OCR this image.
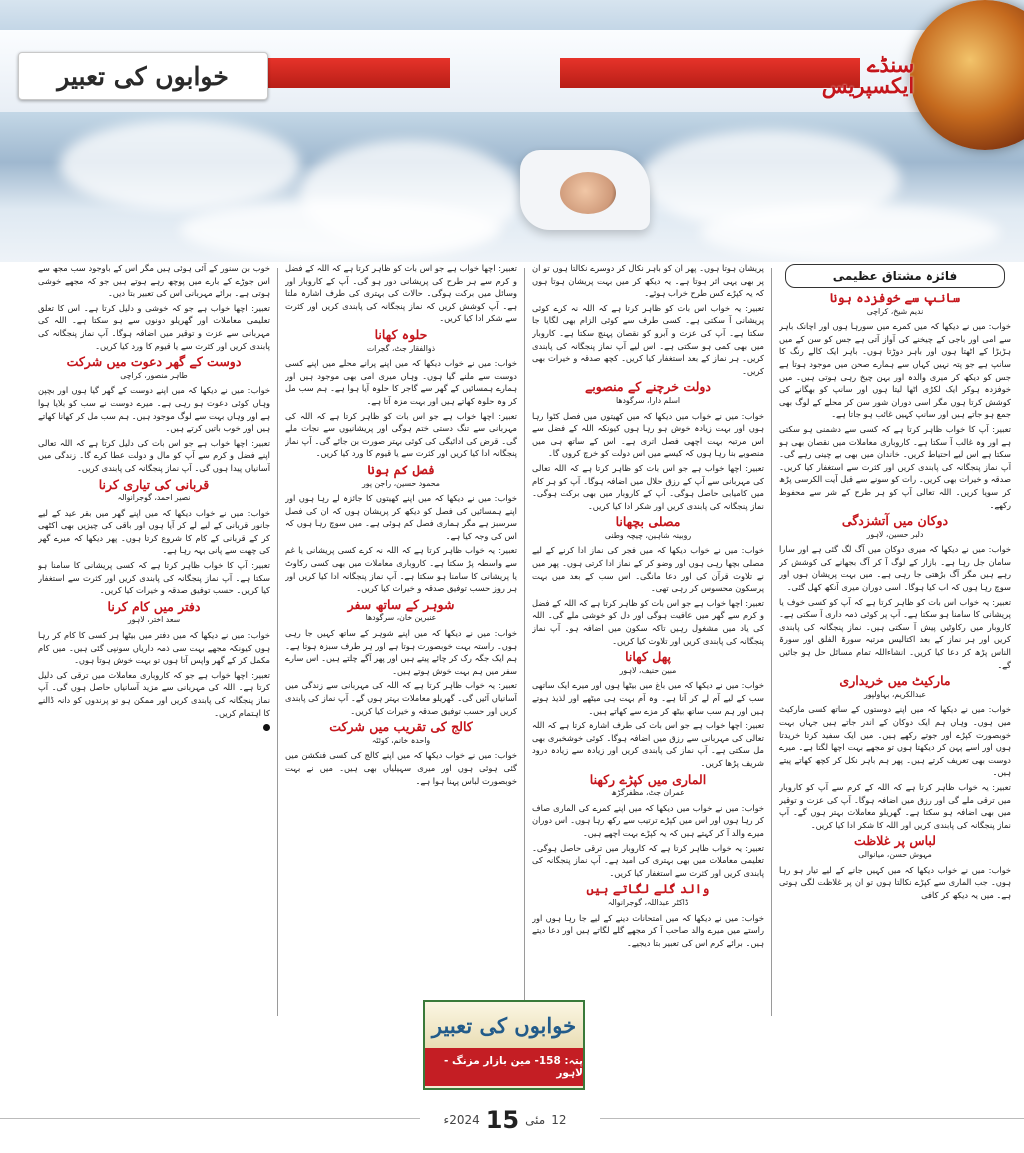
سنڈے ایکسپریس
خوابوں کی تعبیر
فائزہ مشتاق عظیمی
سانپ سے خوفزدہ ہونا
ندیم شیخ، کراچی

خواب: میں نے دیکھا کہ میں کمرے میں سورہا ہوں اور اچانک باہر سے امی اور باجی کے چیخنے کی آواز آتی ہے جس کو سن کے میں ہڑبڑا کے اٹھتا ہوں اور باہر دوڑتا ہوں۔ باہر ایک کالے رنگ کا سانپ ہے جو پتہ نہیں کہاں سے ہمارے صحن میں موجود ہوتا ہے جس کو دیکھ کر میری والدہ اور بہن چیخ رہی ہوتی ہیں۔ میں خوفزدہ ہوکر ایک لکڑی اٹھا لیتا ہوں اور سانپ کو بھگانے کی کوشش کرتا ہوں مگر اسی دوران شور سن کر محلے کے لوگ بھی جمع ہو جاتے ہیں اور سانپ کہیں غائب ہو جاتا ہے۔

تعبیر: آپ کا خواب ظاہر کرتا ہے کہ کسی سے دشمنی ہو سکتی ہے اور وہ غالب آ سکتا ہے۔ کاروباری معاملات میں نقصان بھی ہو سکتا ہے اس لیے احتیاط کریں۔ خاندان میں بھی بے چینی رہے گی۔ آپ نماز پنجگانہ کی پابندی کریں اور کثرت سے استغفار کیا کریں۔ صدقہ و خیرات بھی کریں۔ رات کو سونے سے قبل آیت الکرسی پڑھ کر سویا کریں۔ اللہ تعالی آپ کو ہر طرح کے شر سے محفوظ رکھے۔

دوکان میں آتشزدگی
دلبر حسین، لاہور

خواب: میں نے دیکھا کہ میری دوکان میں آگ لگ گئی ہے اور سارا سامان جل رہا ہے۔ بازار کے لوگ آ کر آگ بجھانے کی کوشش کر رہے ہیں مگر آگ بڑھتی جا رہی ہے۔ میں بہت پریشان ہوں اور سوچ رہا ہوں کہ اب کیا ہوگا۔ اسی دوران میری آنکھ کھل گئی۔

تعبیر: یہ خواب اس بات کو ظاہر کرتا ہے کہ آپ کو کسی خوف یا پریشانی کا سامنا ہو سکتا ہے۔ آپ پر کوئی ذمہ داری آ سکتی ہے۔ کاروبار میں رکاوٹیں پیش آ سکتی ہیں۔ نماز پنجگانہ کی پابندی کریں اور ہر نماز کے بعد اکتالیس مرتبہ سورۃ الفلق اور سورۃ الناس پڑھ کر دعا کیا کریں۔ انشاءاللہ تمام مسائل حل ہو جائیں گے۔

مارکیٹ میں خریداری
عبدالکریم، بہاولپور

خواب: میں نے دیکھا کہ میں اپنے دوستوں کے ساتھ کسی مارکیٹ میں ہوں۔ وہاں ہم ایک دوکان کے اندر جاتے ہیں جہاں بہت خوبصورت کپڑے اور جوتے رکھے ہیں۔ میں ایک سفید کرتا خریدتا ہوں اور اسے پہن کر دیکھتا ہوں تو مجھے بہت اچھا لگتا ہے۔ میرے دوست بھی تعریف کرتے ہیں۔ پھر ہم باہر نکل کر کچھ کھاتے پیتے ہیں۔

تعبیر: یہ خواب ظاہر کرتا ہے کہ اللہ کے کرم سے آپ کو کاروبار میں ترقی ملے گی اور رزق میں اضافہ ہوگا۔ آپ کی عزت و توقیر میں بھی اضافہ ہو سکتا ہے۔ گھریلو معاملات بہتر ہوں گے۔ آپ نماز پنجگانہ کی پابندی کریں اور اللہ کا شکر ادا کیا کریں۔

لباس پر غلاظت
مہوش حسن، میانوالی

خواب: میں نے خواب دیکھا کہ میں کہیں جانے کے لیے تیار ہو رہا ہوں۔ جب الماری سے کپڑے نکالتا ہوں تو ان پر غلاظت لگی ہوتی ہے۔ میں یہ دیکھ کر کافی

پریشان ہوتا ہوں۔ پھر ان کو باہر نکال کر دوسرے نکالتا ہوں تو ان پر بھی یہی اثر ہوتا ہے۔ یہ دیکھ کر میں بہت پریشان ہوتا ہوں کہ یہ کپڑے کس طرح خراب ہوئے۔

تعبیر: یہ خواب اس بات کو ظاہر کرتا ہے کہ اللہ نہ کرے کوئی پریشانی آ سکتی ہے۔ کسی طرف سے کوئی الزام بھی لگایا جا سکتا ہے۔ آپ کی عزت و آبرو کو نقصان پہنچ سکتا ہے۔ کاروبار میں بھی کمی ہو سکتی ہے۔ اس لیے آپ نماز پنجگانہ کی پابندی کریں۔ ہر نماز کے بعد استغفار کیا کریں۔ کچھ صدقہ و خیرات بھی کریں۔

دولت خرچنے کے منصوبے
اسلم دارا، سرگودھا

خواب: میں نے خواب میں دیکھا کہ میں کھیتوں میں فصل کٹوا رہا ہوں اور بہت زیادہ خوش ہو رہا ہوں کیونکہ اللہ کے فضل سے اس مرتبہ بہت اچھی فصل اتری ہے۔ اس کے ساتھ ہی میں منصوبے بنا رہا ہوں کہ کیسے میں اس دولت کو خرچ کروں گا۔

تعبیر: اچھا خواب ہے جو اس بات کو ظاہر کرتا ہے کہ اللہ تعالی کی مہربانی سے آپ کے رزق حلال میں اضافہ ہوگا۔ آپ کو ہر کام میں کامیابی حاصل ہوگی۔ آپ کے کاروبار میں بھی برکت ہوگی۔ نماز پنجگانہ کی پابندی کریں اور شکر ادا کیا کریں۔

مصلی بچھانا
روبینہ شاہین، چیچہ وطنی

خواب: میں نے خواب دیکھا کہ میں فجر کی نماز ادا کرنے کے لیے مصلی بچھا رہی ہوں اور وضو کر کے نماز ادا کرتی ہوں۔ پھر میں نے تلاوت قرآن کی اور دعا مانگی۔ اس سب کے بعد میں بہت پرسکون محسوس کر رہی تھی۔

تعبیر: اچھا خواب ہے جو اس بات کو ظاہر کرتا ہے کہ اللہ کے فضل و کرم سے گھر میں عافیت ہوگی اور دل کو خوشی ملے گی۔ اللہ کی یاد میں مشغول رہیں تاکہ سکون میں اضافہ ہو۔ آپ نماز پنجگانہ کی پابندی کریں اور تلاوت کیا کریں۔

پھل کھانا
مبین حنیف، لاہور

خواب: میں نے دیکھا کہ میں باغ میں بیٹھا ہوں اور میرے ایک ساتھی سب کے لیے آم لے کر آتا ہے۔ وہ آم بہت ہی میٹھے اور لذیذ ہوتے ہیں اور ہم سب ساتھ بیٹھ کر مزے سے کھاتے ہیں۔

تعبیر: اچھا خواب ہے جو اس بات کی طرف اشارہ کرتا ہے کہ اللہ تعالی کی مہربانی سے رزق میں اضافہ ہوگا۔ کوئی خوشخبری بھی مل سکتی ہے۔ آپ نماز کی پابندی کریں اور زیادہ سے زیادہ درود شریف پڑھا کریں۔

الماری میں کپڑے رکھنا
عمران جٹ، مظفرگڑھ

خواب: میں نے خواب میں دیکھا کہ میں اپنے کمرے کی الماری صاف کر رہا ہوں اور اس میں کپڑے ترتیب سے رکھ رہا ہوں۔ اس دوران میرے والد آ کر کہتے ہیں کہ یہ کپڑے بہت اچھے ہیں۔

تعبیر: یہ خواب ظاہر کرتا ہے کہ کاروبار میں ترقی حاصل ہوگی۔ تعلیمی معاملات میں بھی بہتری کی امید ہے۔ آپ نماز پنجگانہ کی پابندی کریں اور کثرت سے استغفار کیا کریں۔

والد گلے لگاتے ہیں
ڈاکٹر عبداللہ، گوجرانوالہ

خواب: میں نے دیکھا کہ میں امتحانات دینے کے لیے جا رہا ہوں اور راستے میں میرے والد صاحب آ کر مجھے گلے لگاتے ہیں اور دعا دیتے ہیں۔ برائے کرم اس کی تعبیر بتا دیجیے۔

تعبیر: اچھا خواب ہے جو اس بات کو ظاہر کرتا ہے کہ اللہ کے فضل و کرم سے ہر طرح کی پریشانی دور ہو گی۔ آپ کے کاروبار اور وسائل میں برکت ہوگی۔ حالات کی بہتری کی طرف اشارہ ملتا ہے۔ آپ کوشش کریں کہ نماز پنجگانہ کی پابندی کریں اور کثرت سے شکر ادا کیا کریں۔

حلوہ کھانا
ذوالفقار جٹ، گجرات

خواب: میں نے خواب دیکھا کہ میں اپنے پرانے محلے میں اپنے کسی دوست سے ملنے گیا ہوں۔ وہاں میری امی بھی موجود ہیں اور ہمارے ہمسائیں کے گھر سے گاجر کا حلوہ آیا ہوا ہے۔ ہم سب مل کر وہ حلوہ کھاتے ہیں اور بہت مزہ آتا ہے۔

تعبیر: اچھا خواب ہے جو اس بات کو ظاہر کرتا ہے کہ اللہ کی مہربانی سے تنگ دستی ختم ہوگی اور پریشانیوں سے نجات ملے گی۔ قرض کی ادائیگی کی کوئی بہتر صورت بن جائے گی۔ آپ نماز پنجگانہ ادا کیا کریں اور کثرت سے یا قیوم کا ورد کیا کریں۔

فصل کم ہونا
محمود حسین، راجن پور

خواب: میں نے دیکھا کہ میں اپنے کھیتوں کا جائزہ لے رہا ہوں اور اپنے ہمسائیں کی فصل کو دیکھ کر پریشان ہوں کہ ان کی فصل سرسبز ہے مگر ہماری فصل کم ہوئی ہے۔ میں سوچ رہا ہوں کہ اس کی وجہ کیا ہے۔

تعبیر: یہ خواب ظاہر کرتا ہے کہ اللہ نہ کرے کسی پریشانی یا غم سے واسطہ پڑ سکتا ہے۔ کاروباری معاملات میں بھی کسی رکاوٹ یا پریشانی کا سامنا ہو سکتا ہے۔ آپ نماز پنجگانہ ادا کیا کریں اور ہر روز حسب توفیق صدقہ و خیرات کیا کریں۔

شوہر کے ساتھ سفر
عنبرین خان، سرگودھا

خواب: میں نے دیکھا کہ میں اپنے شوہر کے ساتھ کہیں جا رہی ہوں۔ راستہ بہت خوبصورت ہوتا ہے اور ہر طرف سبزہ ہوتا ہے۔ ہم ایک جگہ رک کر چائے پیتے ہیں اور پھر آگے چلتے ہیں۔ اس سارے سفر میں ہم بہت خوش ہوتے ہیں۔

تعبیر: یہ خواب ظاہر کرتا ہے کہ اللہ کی مہربانی سے زندگی میں آسانیاں آئیں گی۔ گھریلو معاملات بہتر ہوں گے۔ آپ نماز کی پابندی کریں اور حسب توفیق صدقہ و خیرات کیا کریں۔

کالج کی تقریب میں شرکت
واحدہ خانم، کوئٹہ

خواب: میں نے خواب دیکھا کہ میں اپنے کالج کی کسی فنکشن میں گئی ہوئی ہوں اور میری سہیلیاں بھی ہیں۔ میں نے بہت خوبصورت لباس پہنا ہوا ہے۔

خوب بن سنور کے آئی ہوئی ہیں مگر اس کے باوجود سب مجھ سے اس جوڑے کے بارے میں پوچھ رہے ہوتے ہیں جو کہ مجھے خوشی ہوتی ہے۔ برائے مہربانی اس کی تعبیر بتا دیں۔

تعبیر: اچھا خواب ہے جو کہ خوشی و دلیل کرتا ہے۔ اس کا تعلق تعلیمی معاملات اور گھریلو دونوں سے ہو سکتا ہے۔ اللہ کی مہربانی سے عزت و توقیر میں اضافہ ہوگا۔ آپ نماز پنجگانہ کی پابندی کریں اور کثرت سے یا قیوم کا ورد کیا کریں۔

دوست کے گھر دعوت میں شرکت
طاہر منصور، کراچی

خواب: میں نے دیکھا کہ میں اپنے دوست کے گھر گیا ہوں اور بچپن وہاں کوئی دعوت ہو رہی ہے۔ میرے دوست نے سب کو بلایا ہوا ہے اور وہاں بہت سے لوگ موجود ہیں۔ ہم سب مل کر کھانا کھاتے ہیں اور خوب باتیں کرتے ہیں۔

تعبیر: اچھا خواب ہے جو اس بات کی دلیل کرتا ہے کہ اللہ تعالی اپنے فضل و کرم سے آپ کو مال و دولت عطا کرے گا۔ زندگی میں آسانیاں پیدا ہوں گی۔ آپ نماز پنجگانہ کی پابندی کریں۔

قربانی کی تیاری کرنا
نصیر احمد، گوجرانوالہ

خواب: میں نے خواب دیکھا کہ میں اپنے گھر میں بقر عید کے لیے جانور قربانی کے لیے لے کر آیا ہوں اور باقی کی چیزیں بھی اکٹھی کر کے قربانی کے کام کا شروع کرتا ہوں۔ پھر دیکھا کہ میرے گھر کی چھت سے پانی بہہ رہا ہے۔

تعبیر: آپ کا خواب ظاہر کرتا ہے کہ کسی پریشانی کا سامنا ہو سکتا ہے۔ آپ نماز پنجگانہ کی پابندی کریں اور کثرت سے استغفار کیا کریں۔ حسب توفیق صدقہ و خیرات کیا کریں۔

دفتر میں کام کرنا
سعد اختر، لاہور

خواب: میں نے دیکھا کہ میں دفتر میں بیٹھا ہر کسی کا کام کر رہا ہوں کیونکہ مجھے بہت سی ذمہ داریاں سونپی گئی ہیں۔ میں کام مکمل کر کے گھر واپس آتا ہوں تو بہت خوش ہوتا ہوں۔

تعبیر: اچھا خواب ہے جو کہ کاروباری معاملات میں ترقی کی دلیل کرتا ہے۔ اللہ کی مہربانی سے مزید آسانیاں حاصل ہوں گی۔ آپ نماز پنجگانہ کی پابندی کریں اور ممکن ہو تو پرندوں کو دانہ ڈالنے کا اہتمام کریں۔

خوابوں کی تعبیر
پتہ: 158- مین بازار مزنگ - لاہور
12
مئی
15
2024ء
